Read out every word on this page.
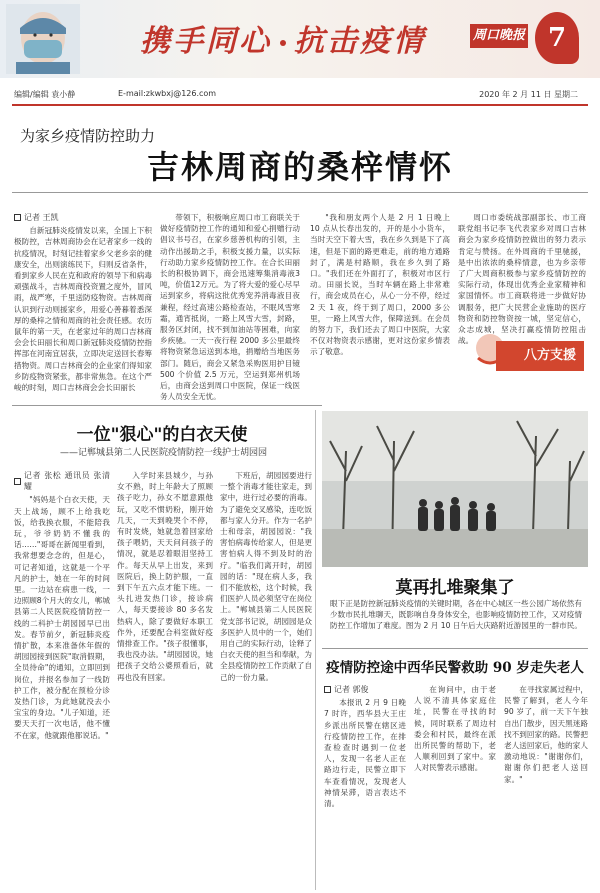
携手同心 抗击疫情	周口晚报 7
编辑/编辑 袁小静	E-mail:zkwbxj@126.com	2020 年 2 月 11 日 星期二
为家乡疫情防控助力
吉林周商的桑梓情怀
记者 王凯

自新冠肺炎疫情发以来，全国上下积极防控，吉林周商协会在记者家乡一线的抗疫情况，时刻记挂着家乡父老乡亲的健康安全，出则演练民下，归则反省条件，看到家乡人民在克和政府的领导下和病毒顽强战斗，吉林周商投资置之度外，冒风雨，战严寒，千里送防疫物资。吉林周商认识到行动则援家乡，用爱心善暮着悉深厚的桑梓之情和周商的社会责任感。农历鼠年的第一天，在老家过年的周口吉林商会会长田丽长和周口新冠肺炎疫情防控指挥部在河南宜居获，立即决定送回长春筹措物资。周口吉林商会的企业家们得知家乡防疫物资紧张，都非常焦急。在这个严峻的时刻，周口吉林商会会长田丽长

带领下，积极响应周口市工商联关于做好疫情防控工作的通知和爱心捐赠行动倡议书号召，在家乡慈善机构的引领，主动作出援助之手，积极支援力量，以实际行动助力家乡疫情防控工作。在合长田丽长的积极协调下，商会迅速筹集消毒液3吨，价值12万元。为了将大爱的爱心尽早运到家乡，将病这批优秀宠养消毒液目夜兼程，经过高速公路检查站，不眠风雪寒霜，通宵抵岗，一路上风雪大雪，封路，服务区封闭，找不到加油站等困难，向家乡疾驰。一天一夜行程 2000 多公里最终将物资紧急运送到本地，捐赠给当地医务部门。随后，商会又紧急采购医用护目镜 500 个价值 2.5 万元，空运到郑州机场后，由商会送到周口中医院，保证一线医务人员安全无忧。

"我和朋友两个人是 2 月 1 日晚上 10 点从长春出发的，开的是小小货车，当时天空下着大雪，我在乡久到是下了高速，但是下面的路更难走，前的地方通路封了，满是村路顺，我在乡久到了路口。"我们还在外面打了，积极对市区行动。田丽长说，当时车辆在路上非常难行，商会成员在心，从心一分不停，经过 2 天 1 夜，终于到了周口，2000 多公里，一路上风雪大作，保障送到。在会员的努力下，我们还去了周口中医院，大家不仅对物资表示感谢，更对这份家乡情表示了敬意。

周口市委统战部副部长、市工商联党组书记李飞代表家乡对周口吉林商会为家乡疫情防控做出的努力表示肯定与赞扬。在外周商的千里驰援，是中出浓浓的桑梓情意，也为乡亲带了广大周商积极参与家乡疫情防控的实际行动，体现出优秀企业家精神和家国情怀。市工商联将进一步做好协调服务，把广大民营企业施助的医疗物资和防控物资按一城，坚定信心，众志成城，坚决打赢疫情防控阻击战。

八方支援
一位"狠心"的白衣天使
——记郸城县第二人民医院疫情防控一线护士胡园园
记者 张松 通讯员 张清耀

"妈妈是个白衣天使，天天上战场，顾不上给我吃饭，给我换衣服，不能陪我玩，爷爷奶奶不懂我的话……"哥哥在新闻里看到，我常想要念念的，但是心，可记者知道，这就是一个平凡的护士，她在一年的时间里。一边站在病患一线，一边照顾8个月大的女儿，郸城县第二人民医院疫情防控一线的二科护士胡园园早已出发。春节前夕，新冠肺炎疫情扩散，本来准备休年假的胡园园接到医院"取消假期，全员待命"的通知，立即回到岗位，并报名参加了一线防护工作，被分配在预检分诊发热门诊，为此她就没去小宝宝的身边。"儿子知道，还要天天打一次电话，他不懂不在家，他就跟他都说话。"

入学时来县城少，与孙女不熟，时上年龄大了照顾孩子吃力，孙女不愿意跟他玩，又吃不惯奶粉，刚开始几天，一天到晚哭个不停，有时发烧，她就急着回家给孩子喂奶，天天问问孩子的情况，就是忍着眼泪坚持工作。每天从早上出发，来到医院后，换上防护服，一直到下午五六点才能下班。一头扎进发热门诊，接诊病人，每天要接诊 80 多名发热病人，除了要做好本职工作外，还要配合科室做好疫情排查工作。"孩子很懂事，我也没办法。"胡园园说，她把孩子交给公婆照看后，就再也没有回家。

下班后，胡园园要进行一整个消毒才能往家走，到家中，进行过必要的消毒。为了避免交叉感染，连吃饭都与家人分开。作为一名护士和母亲，胡园园说："我害怕病毒传给家人，但是更害怕病人得不到及时的治疗。"临我们离开时，胡园园的话："现在病人多，我们不能放松，这个时候，我们医护人员必须坚守在岗位上。"郸城县第二人民医院党支部书记说，胡园园是众多医护人员中的一个，她们用自己的实际行动，诠释了白衣天使的担当和奉献，为全县疫情防控工作贡献了自己的一份力量。

莫再扎堆聚集了
眼下正是防控新冠肺炎疫情的关键时期，各在中心城区一些公园广场依然有少数市民扎堆聊天，既影响自身身体安全，也影响疫情防控工作，又对疫情防控工作增加了难度。图为 2 月 10 日午后大庆路附近游园里的一群市民。
疫情防控途中西华民警救助 90 岁走失老人
记者 郭俊

本报讯 2 月 9 日晚 7 时许，西华县大王庄乡派出所民警在辖区进行疫情防控工作，在排查检查时遇到一位老人，发现一名老人正在路边行走，民警立即下车查看情况，发现老人神情呆滞，语言表达不清。

在询问中，由于老人说不清具体家庭住址，民警在寻找的时候，同时联系了周边村委会和村民，最终在派出所民警的帮助下，老人顺利回到了家中。家人对民警表示感谢。

在寻找家属过程中，民警了解到，老人今年 90 岁了，前一天下午独自出门散步，因天黑迷路找不到回家的路。民警把老人送回家后，他的家人激动地说："谢谢你们，谢谢你们把老人送回家。"
